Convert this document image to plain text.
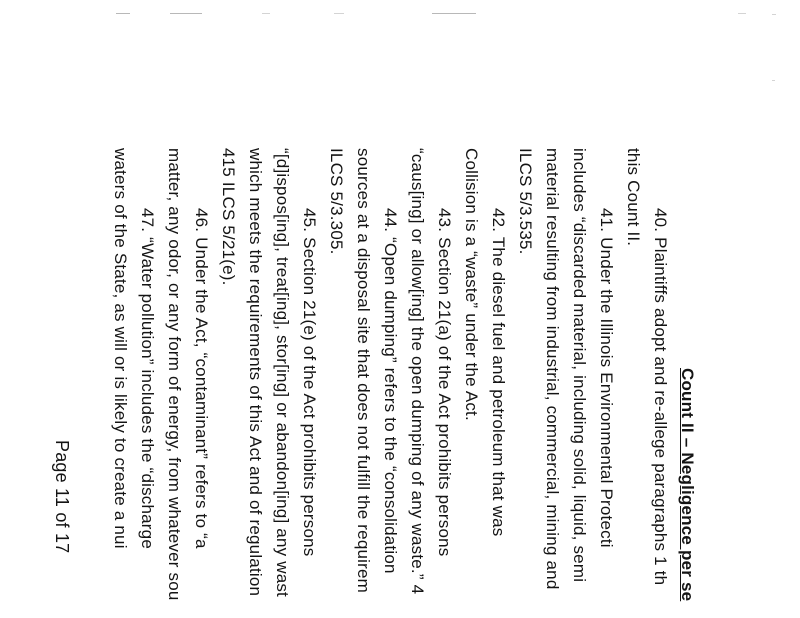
Count II – Negligence per se
40. Plaintiffs adopt and re-allege paragraphs 1 th
this Count II.
41. Under the Illinois Environmental Protecti
includes “discarded material, including solid, liquid, semi
material resulting from industrial, commercial, mining and
ILCS 5/3.535.
42. The diesel fuel and petroleum that was
Collision is a “waste” under the Act.
43. Section 21(a) of the Act prohibits persons
“caus[ing] or allow[ing] the open dumping of any waste.” 4
44. “Open dumping” refers to the “consolidation
sources at a disposal site that does not fulfill the requirem
ILCS 5/3.305.
45. Section 21(e) of the Act prohibits persons
“[d]ispos[ing], treat[ing], stor[ing] or abandon[ing] any wast
which meets the requirements of this Act and of regulation
415 ILCS 5/21(e).
46. Under the Act, “contaminant” refers to “a
matter, any odor, or any form of energy, from whatever sou
47. “Water pollution” includes the “discharge
waters of the State, as will or is likely to create a nui
Page 11 of 17
